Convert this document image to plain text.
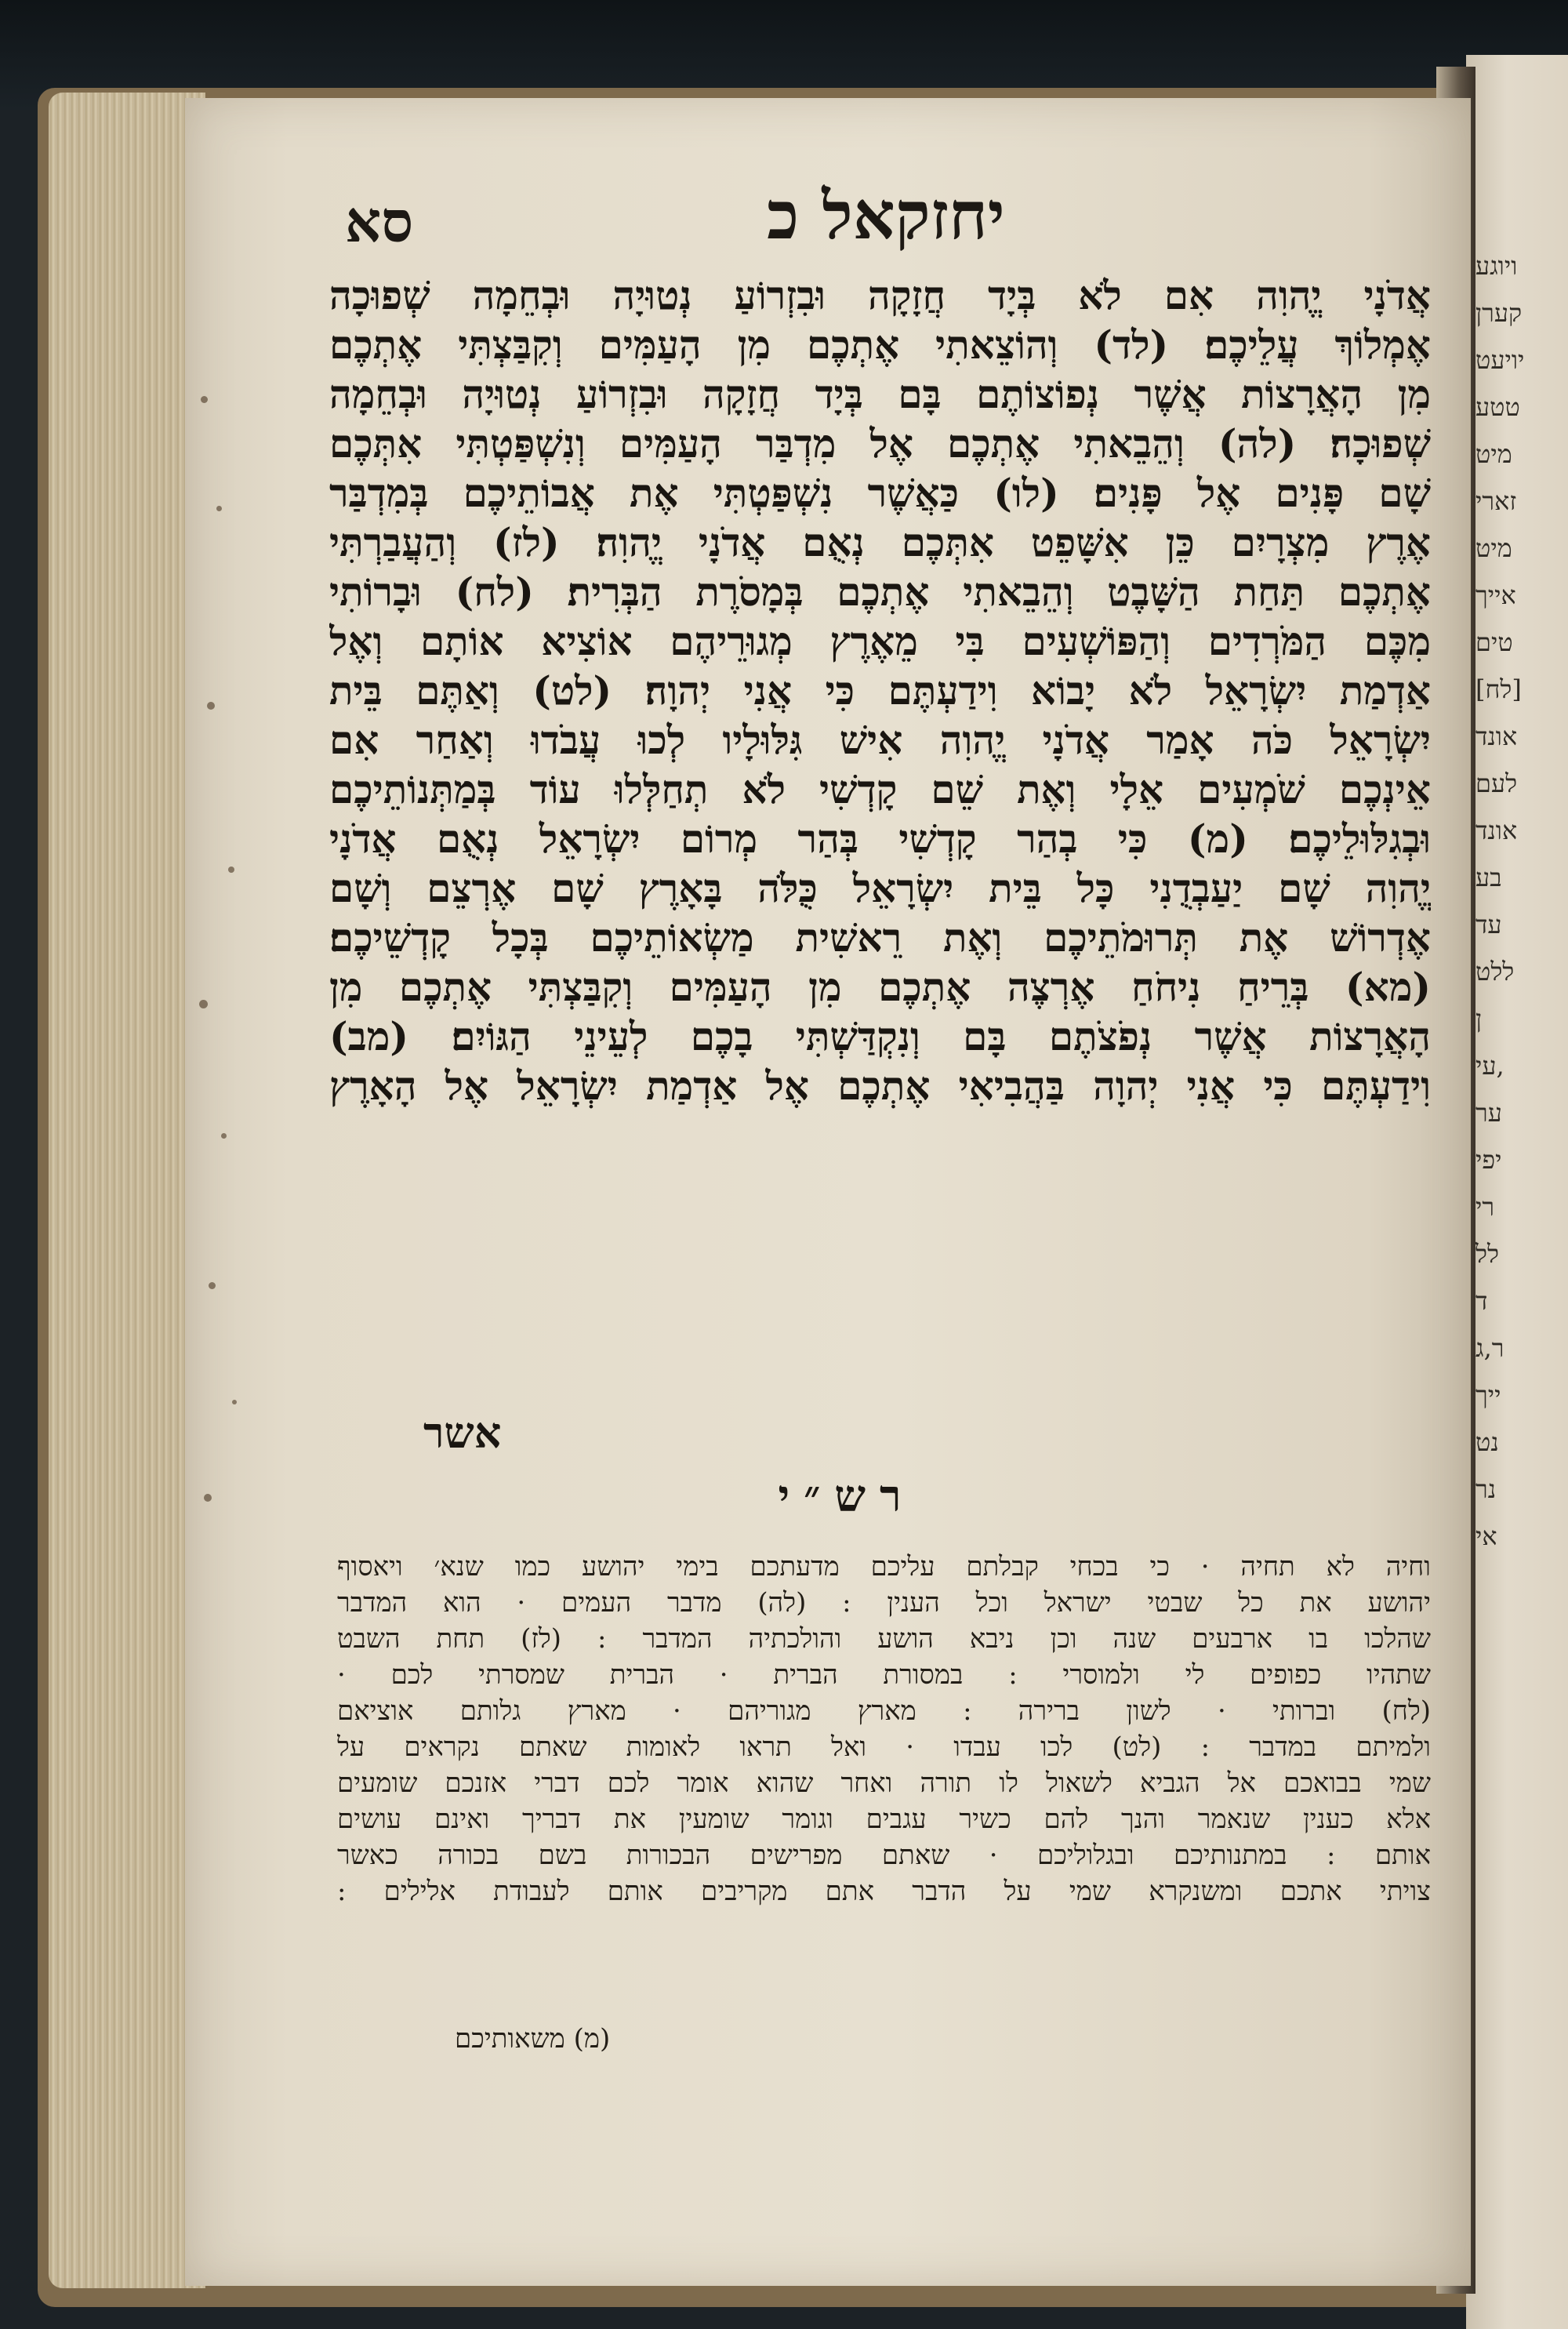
ויוגע
קערן
יויעט
טטע
מיט
זארי
מיט
אייך
טים
[לח]
אונד
לעם
אונד
בע
עד
ללט
ן
עי,
ער
יפי
רי
לל
ד
ר,ג
ייך
נט
נר
אי
יחזקאל כ
סא
אֲדֹנָי יֱהוִה אִם לֹא בְּיָד חֲזָקָה וּבִזְרוֹעַ נְטוּיָה וּבְחֵמָה שְׁפוּכָה
אֶמְלוֹךְ עֲלֵיכֶם׃ (לד) וְהוֹצֵאתִי אֶתְכֶם מִן הָעַמִּים וְקִבַּצְתִּי אֶתְכֶם
מִן הָאֲרָצוֹת אֲשֶׁר נְפוֹצוֹתֶם בָּם בְּיָד חֲזָקָה וּבִזְרוֹעַ נְטוּיָה וּבְחֵמָה
שְׁפוּכָה׃ (לה) וְהֵבֵאתִי אֶתְכֶם אֶל מִדְבַּר הָעַמִּים וְנִשְׁפַּטְתִּי אִתְּכֶם
שָׁם פָּנִים אֶל פָּנִים׃ (לו) כַּאֲשֶׁר נִשְׁפַּטְתִּי אֶת אֲבוֹתֵיכֶם בְּמִדְבַּר
אֶרֶץ מִצְרָיִם כֵּן אִשָּׁפֵט אִתְּכֶם נְאֻם אֲדֹנָי יֱהוִה׃ (לז) וְהַעֲבַרְתִּי
אֶתְכֶם תַּחַת הַשָּׁבֶט וְהֵבֵאתִי אֶתְכֶם בְּמָסֹרֶת הַבְּרִית׃ (לח) וּבָרוֹתִי
מִכֶּם הַמֹּרְדִים וְהַפּוֹשְׁעִים בִּי מֵאֶרֶץ מְגוּרֵיהֶם אוֹצִיא אוֹתָם וְאֶל
אַדְמַת יִשְׂרָאֵל לֹא יָבוֹא וִידַעְתֶּם כִּי אֲנִי יְהוָה׃ (לט) וְאַתֶּם בֵּית
יִשְׂרָאֵל כֹּה אָמַר אֲדֹנָי יֱהוִה אִישׁ גִּלּוּלָיו לְכוּ עֲבֹדוּ וְאַחַר אִם
אֵינְכֶם שֹׁמְעִים אֵלָי וְאֶת שֵׁם קָדְשִׁי לֹא תְחַלְּלוּ עוֹד בְּמַתְּנוֹתֵיכֶם
וּבְגִלּוּלֵיכֶם׃ (מ) כִּי בְהַר קָדְשִׁי בְּהַר מְרוֹם יִשְׂרָאֵל נְאֻם אֲדֹנָי
יֱהוִה שָׁם יַעַבְדֻנִי כָּל בֵּית יִשְׂרָאֵל כֻּלֹּה בָּאָרֶץ שָׁם אֶרְצֵם וְשָׁם
אֶדְרוֹשׁ אֶת תְּרוּמֹתֵיכֶם וְאֶת רֵאשִׁית מַשְׂאוֹתֵיכֶם בְּכָל קָדְשֵׁיכֶם׃
(מא) בְּרֵיחַ נִיחֹחַ אֶרְצֶה אֶתְכֶם מִן הָעַמִּים וְקִבַּצְתִּי אֶתְכֶם מִן
הָאֲרָצוֹת אֲשֶׁר נְפֹצֹתֶם בָּם וְנִקְדַּשְׁתִּי בָכֶם לְעֵינֵי הַגּוֹיִם׃ (מב)
וִידַעְתֶּם כִּי אֲנִי יְהוָה בַּהֲבִיאִי אֶתְכֶם אֶל אַדְמַת יִשְׂרָאֵל אֶל הָאָרֶץ
אשר
רש״י
וחיה לא תחיה · כי בכחי קבלתם עליכם מדעתכם בימי יהושע כמו שנא׳ ויאסוף
יהושע את כל שבטי ישראל וכל הענין : (לה) מדבר העמים · הוא המדבר
שהלכו בו ארבעים שנה וכן ניבא הושע והולכתיה המדבר : (לז) תחת השבט
שתהיו כפופים לי ולמוסרי : במסורת הברית · הברית שמסרתי לכם ·
(לח) וברותי · לשון ברירה : מארץ מגוריהם · מארץ גלותם אוציאם
ולמיתם במדבר : (לט) לכו עבדו · ואל תראו לאומות שאתם נקראים על
שמי בבואכם אל הגביא לשאול לו תורה ואחר שהוא אומר לכם דברי אזנכם שומעים
אלא כענין שנאמר והנך להם כשיר עגבים וגומר שומעין את דבריך ואינם עושים
אותם : במתנותיכם ובגלוליכם · שאתם מפרישים הבכורות בשם בכורה כאשר
צויתי אתכם ומשנקרא שמי על הדבר אתם מקריבים אותם לעבודת אלילים :
(מ) משאותיכם
